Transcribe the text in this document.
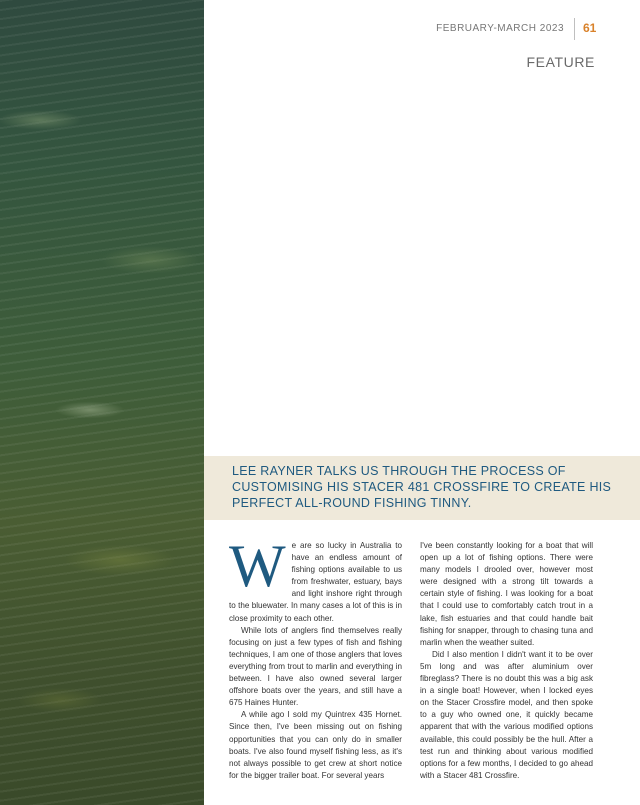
FEBRUARY-MARCH 2023 61
FEATURE
LEE RAYNER TALKS US THROUGH THE PROCESS OF CUSTOMISING HIS STACER 481 CROSSFIRE TO CREATE HIS PERFECT ALL-ROUND FISHING TINNY.

We are so lucky in Australia to have an endless amount of fishing options available to us from freshwater, estuary, bays and light inshore right through to the bluewater. In many cases a lot of this is in close proximity to each other.

While lots of anglers find themselves really focusing on just a few types of fish and fishing techniques, I am one of those anglers that loves everything from trout to marlin and everything in between. I have also owned several larger offshore boats over the years, and still have a 675 Haines Hunter.

A while ago I sold my Quintrex 435 Hornet. Since then, I've been missing out on fishing opportunities that you can only do in smaller boats. I've also found myself fishing less, as it's not always possible to get crew at short notice for the bigger trailer boat. For several years

I've been constantly looking for a boat that will open up a lot of fishing options. There were many models I drooled over, however most were designed with a strong tilt towards a certain style of fishing. I was looking for a boat that I could use to comfortably catch trout in a lake, fish estuaries and that could handle bait fishing for snapper, through to chasing tuna and marlin when the weather suited.

Did I also mention I didn't want it to be over 5m long and was after aluminium over fibreglass? There is no doubt this was a big ask in a single boat! However, when I locked eyes on the Stacer Crossfire model, and then spoke to a guy who owned one, it quickly became apparent that with the various modified options available, this could possibly be the hull. After a test run and thinking about various modified options for a few months, I decided to go ahead with a Stacer 481 Crossfire.
